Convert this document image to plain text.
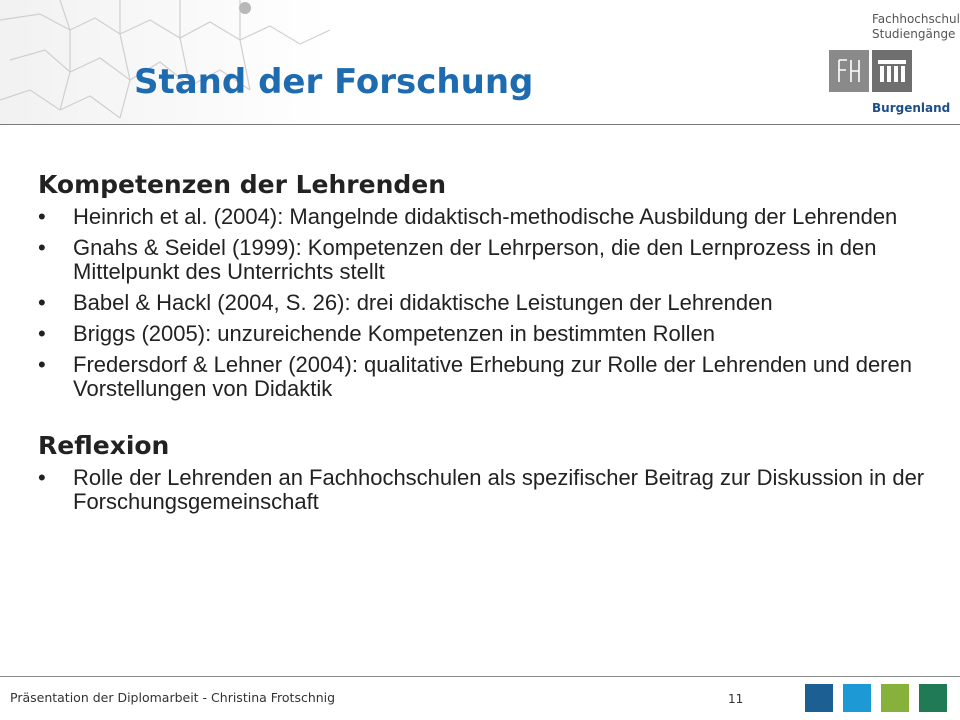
Stand der Forschung
Fachhochschul
Studiengänge
Burgenland
Kompetenzen der Lehrenden
• Heinrich et al. (2004): Mangelnde didaktisch-methodische Ausbildung der Lehrenden
• Gnahs & Seidel (1999): Kompetenzen der Lehrperson, die den Lernprozess in den Mittelpunkt des Unterrichts stellt
• Babel & Hackl (2004, S. 26): drei didaktische Leistungen der Lehrenden
• Briggs (2005): unzureichende Kompetenzen in bestimmten Rollen
• Fredersdorf & Lehner (2004): qualitative Erhebung zur Rolle der Lehrenden und deren Vorstellungen von Didaktik
Reflexion
• Rolle der Lehrenden an Fachhochschulen als spezifischer Beitrag zur Diskussion in der Forschungsgemeinschaft
Präsentation der Diplomarbeit - Christina Frotschnig	11
